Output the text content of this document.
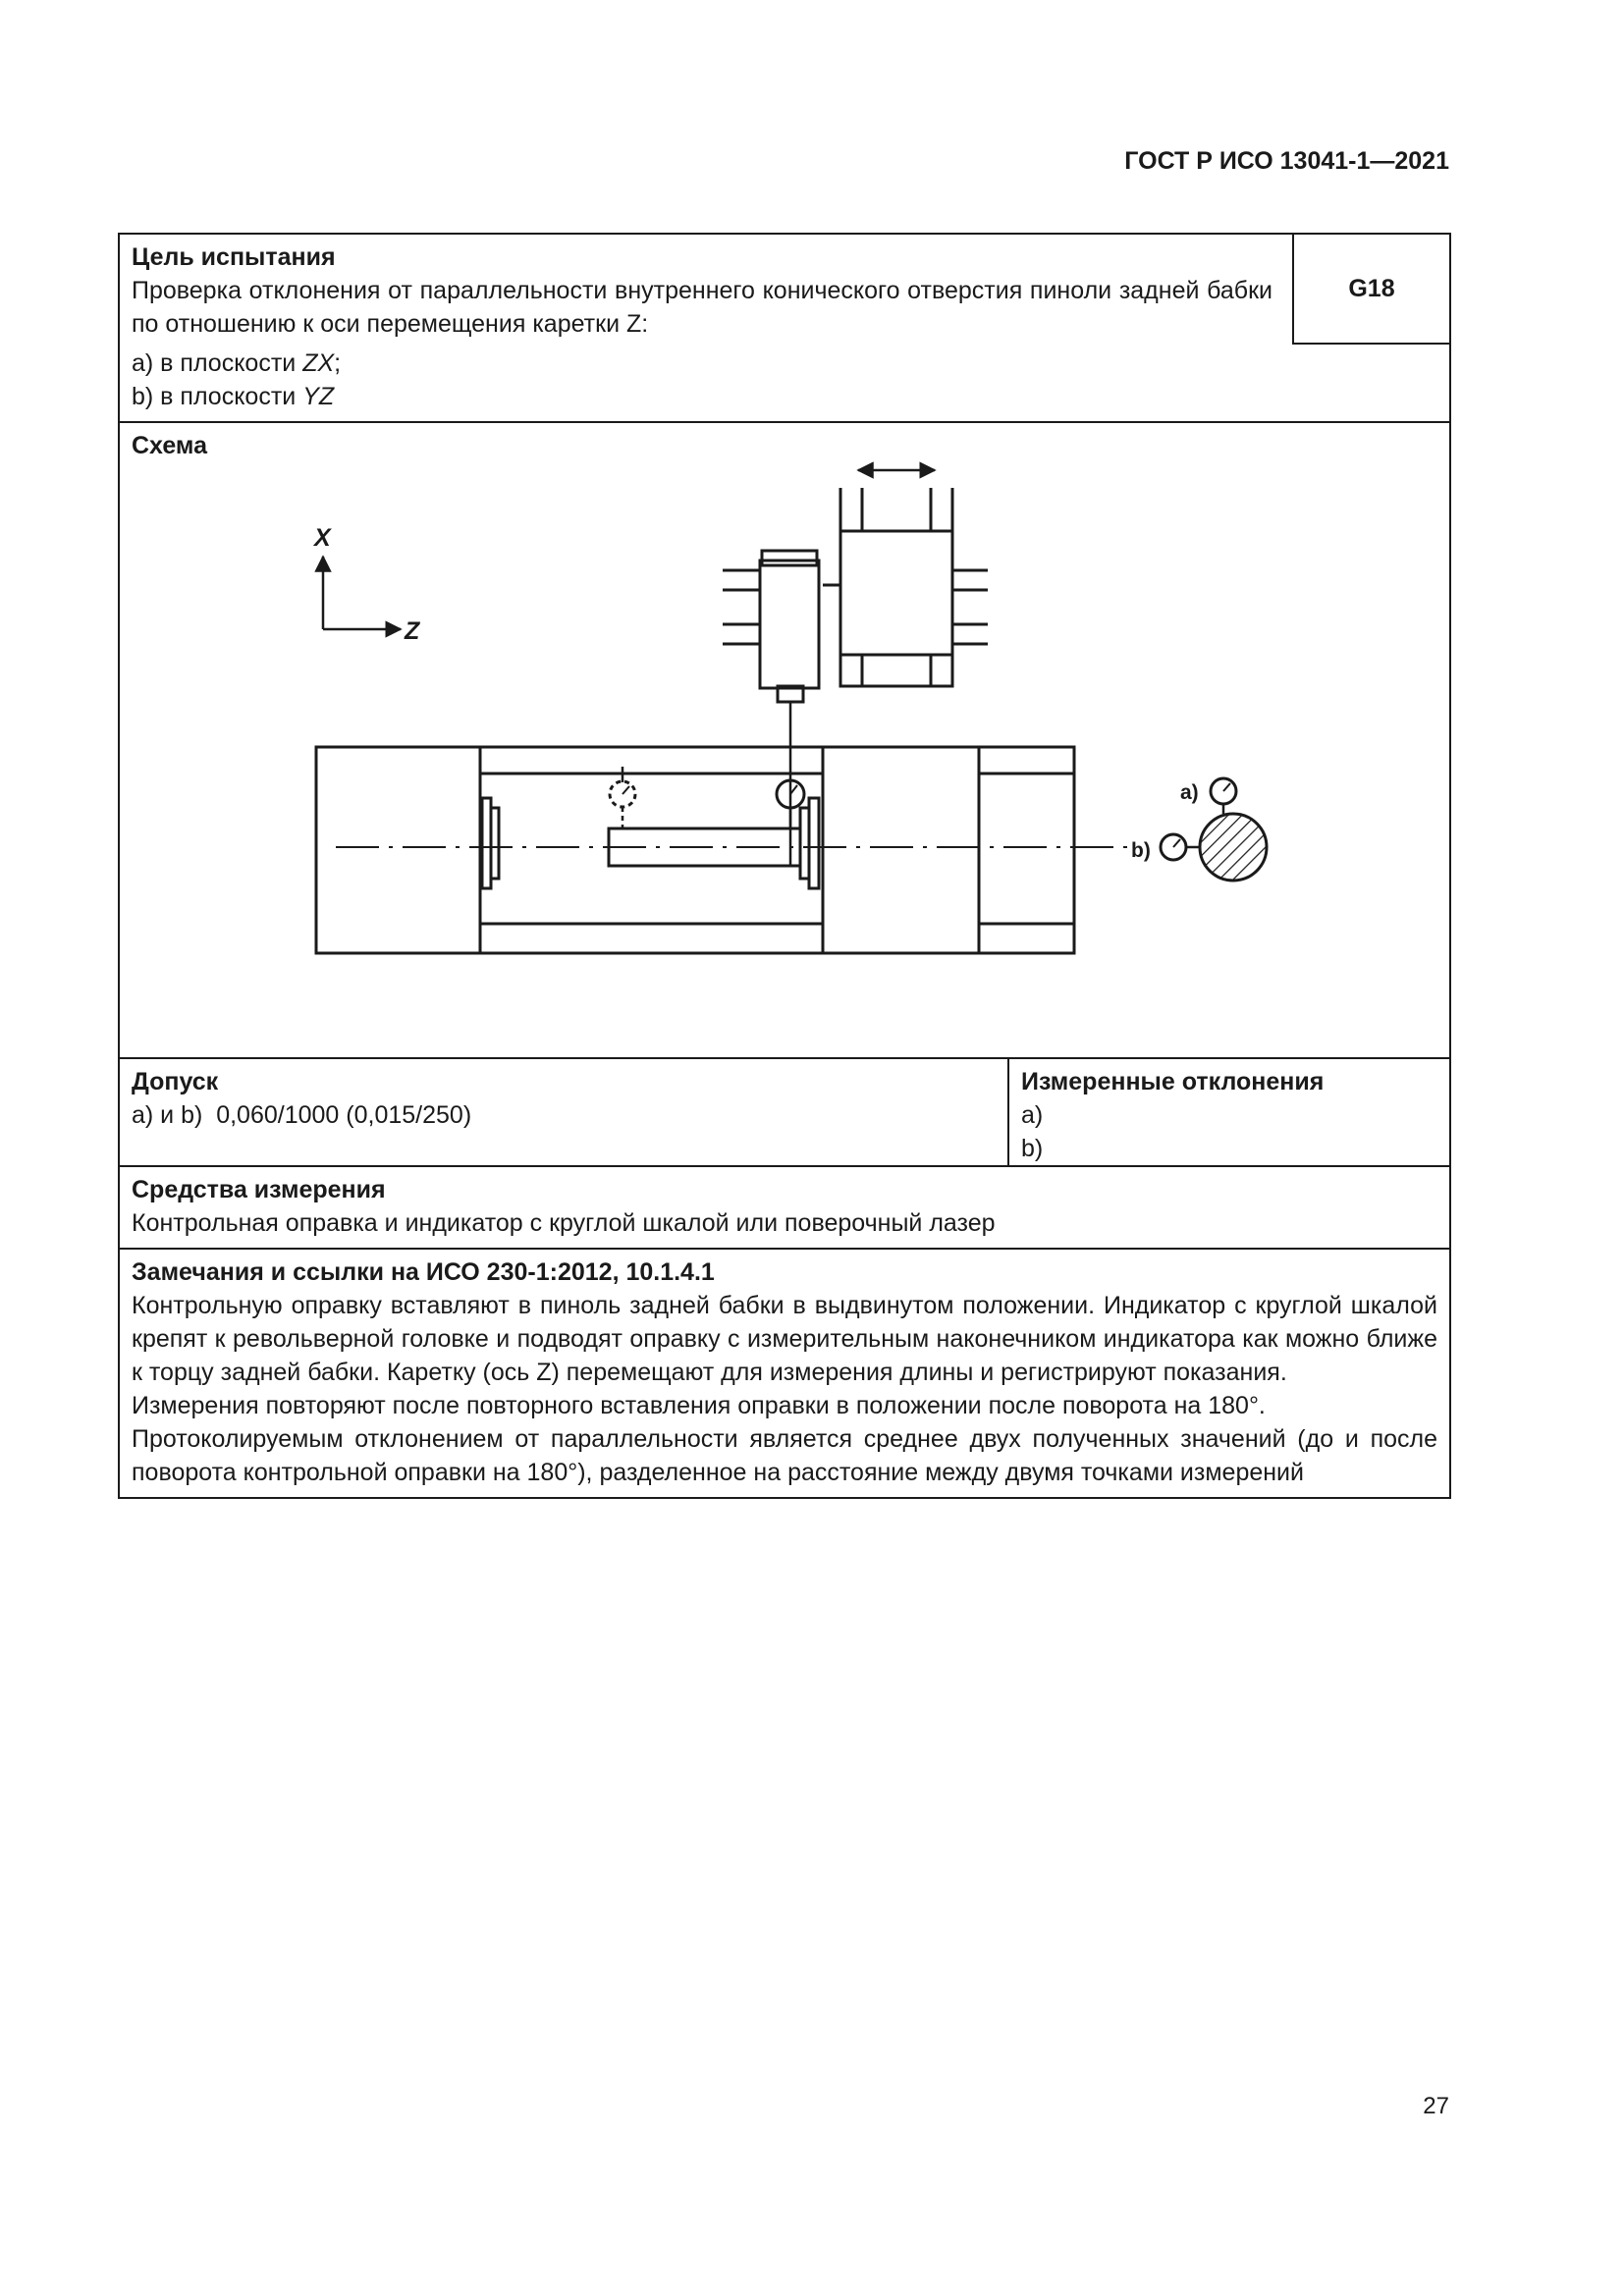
ГОСТ Р ИСО 13041-1—2021
Цель испытания
Проверка отклонения от параллельности внутреннего конического отверстия пиноли задней бабки по отношению к оси перемещения каретки Z:
а) в плоскости ZX;
b) в плоскости YZ
G18
Схема
X
Z
a)
b)
Допуск
а) и b)  0,060/1000 (0,015/250)
Измеренные отклонения
а)
b)
Средства измерения
Контрольная оправка и индикатор с круглой шкалой или поверочный лазер
Замечания и ссылки на ИСО 230-1:2012, 10.1.4.1

Контрольную оправку вставляют в пиноль задней бабки в выдвинутом положении. Индикатор с круглой шкалой крепят к револьверной головке и подводят оправку с измерительным наконечником индикатора как можно ближе к торцу задней бабки. Каретку (ось Z) перемещают для измерения длины и регистрируют показания.

Измерения повторяют после повторного вставления оправки в положении после поворота на 180°.

Протоколируемым отклонением от параллельности является среднее двух полученных значений (до и после поворота контрольной оправки на 180°), разделенное на расстояние между двумя точками измерений

27
